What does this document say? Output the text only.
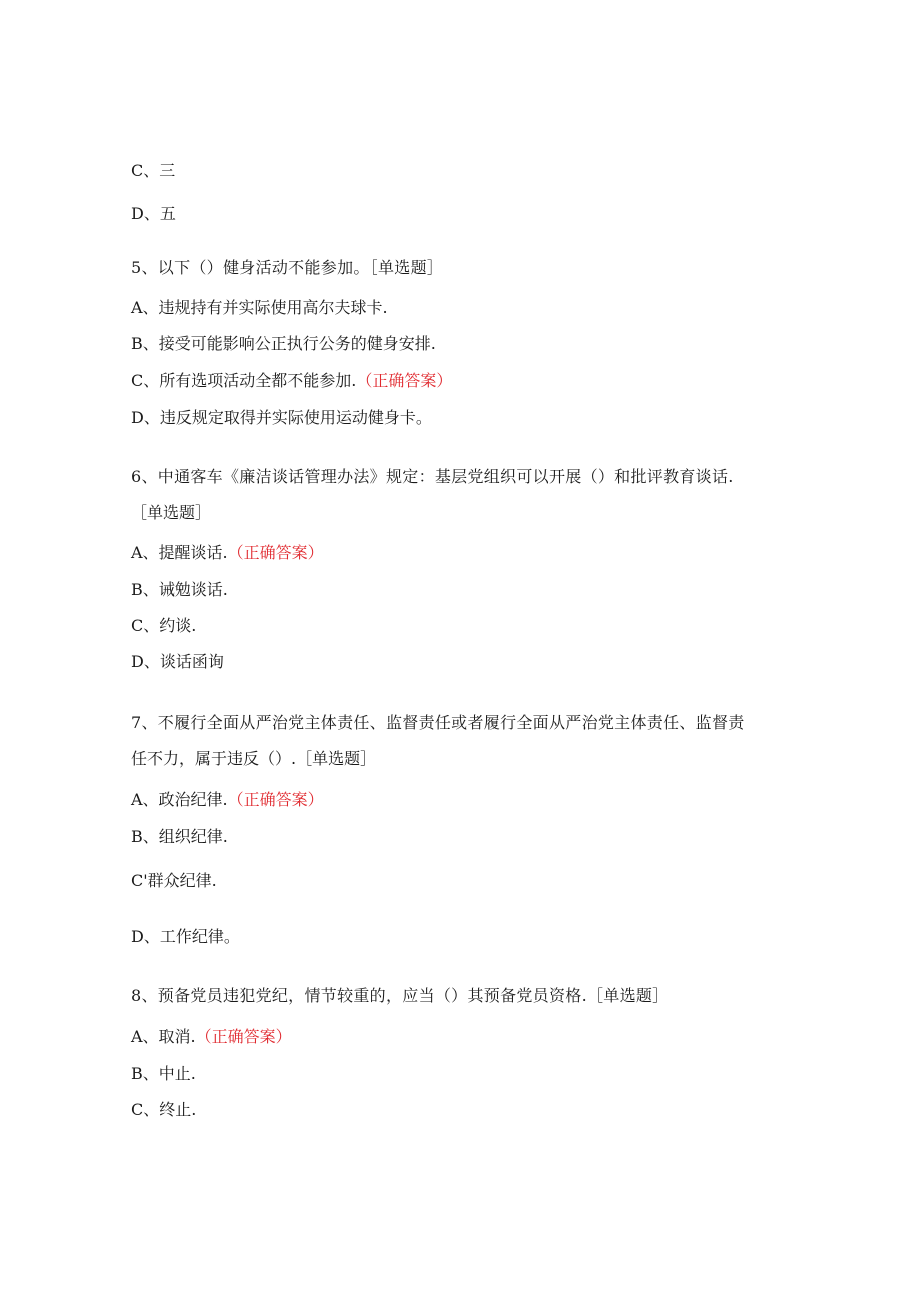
C、三
D、五
5、以下（）健身活动不能参加。［单选题］
A、违规持有并实际使用高尔夫球卡.
B、接受可能影响公正执行公务的健身安排.
C、所有选项活动全都不能参加.（正确答案）
D、违反规定取得并实际使用运动健身卡。
6、中通客车《廉洁谈话管理办法》规定：基层党组织可以开展（）和批评教育谈话.
［单选题］
A、提醒谈话.（正确答案）
B、诫勉谈话.
C、约谈.
D、谈话函询
7、不履行全面从严治党主体责任、监督责任或者履行全面从严治党主体责任、监督责
任不力，属于违反（）.［单选题］
A、政治纪律.（正确答案）
B、组织纪律.
C'群众纪律.
D、工作纪律。
8、预备党员违犯党纪，情节较重的，应当（）其预备党员资格.［单选题］
A、取消.（正确答案）
B、中止.
C、终止.
